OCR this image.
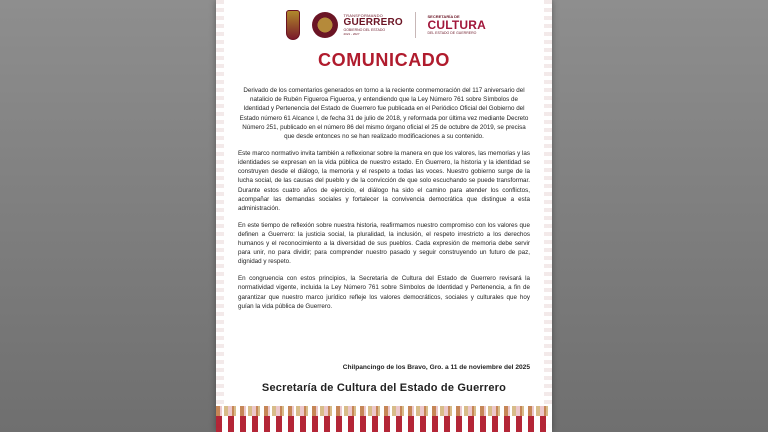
TRANSFORMANDO
GUERRERO
GOBIERNO DEL ESTADO
2021 - 2027
SECRETARÍA DE
CULTURA
DEL ESTADO DE GUERRERO
COMUNICADO

Derivado de los comentarios generados en torno a la reciente conmemoración del 117 aniversario del natalicio de Rubén Figueroa Figueroa, y entendiendo que la Ley Número 761 sobre Símbolos de Identidad y Pertenencia del Estado de Guerrero fue publicada en el Periódico Oficial del Gobierno del Estado número 61 Alcance I, de fecha 31 de julio de 2018, y reformada por última vez mediante Decreto Número 251, publicado en el número 86 del mismo órgano oficial el 25 de octubre de 2019, se precisa que desde entonces no se han realizado modificaciones a su contenido.

Este marco normativo invita también a reflexionar sobre la manera en que los valores, las memorias y las identidades se expresan en la vida pública de nuestro estado. En Guerrero, la historia y la identidad se construyen desde el diálogo, la memoria y el respeto a todas las voces. Nuestro gobierno surge de la lucha social, de las causas del pueblo y de la convicción de que solo escuchando se puede transformar. Durante estos cuatro años de ejercicio, el diálogo ha sido el camino para atender los conflictos, acompañar las demandas sociales y fortalecer la convivencia democrática que distingue a esta administración.

En este tiempo de reflexión sobre nuestra historia, reafirmamos nuestro compromiso con los valores que definen a Guerrero: la justicia social, la pluralidad, la inclusión, el respeto irrestricto a los derechos humanos y el reconocimiento a la diversidad de sus pueblos. Cada expresión de memoria debe servir para unir, no para dividir; para comprender nuestro pasado y seguir construyendo un futuro de paz, dignidad y respeto.

En congruencia con estos principios, la Secretaría de Cultura del Estado de Guerrero revisará la normatividad vigente, incluida la Ley Número 761 sobre Símbolos de Identidad y Pertenencia, a fin de garantizar que nuestro marco jurídico refleje los valores democráticos, sociales y culturales que hoy guían la vida pública de Guerrero.

Chilpancingo de los Bravo, Gro. a 11 de noviembre del 2025
Secretaría de Cultura del Estado de Guerrero
